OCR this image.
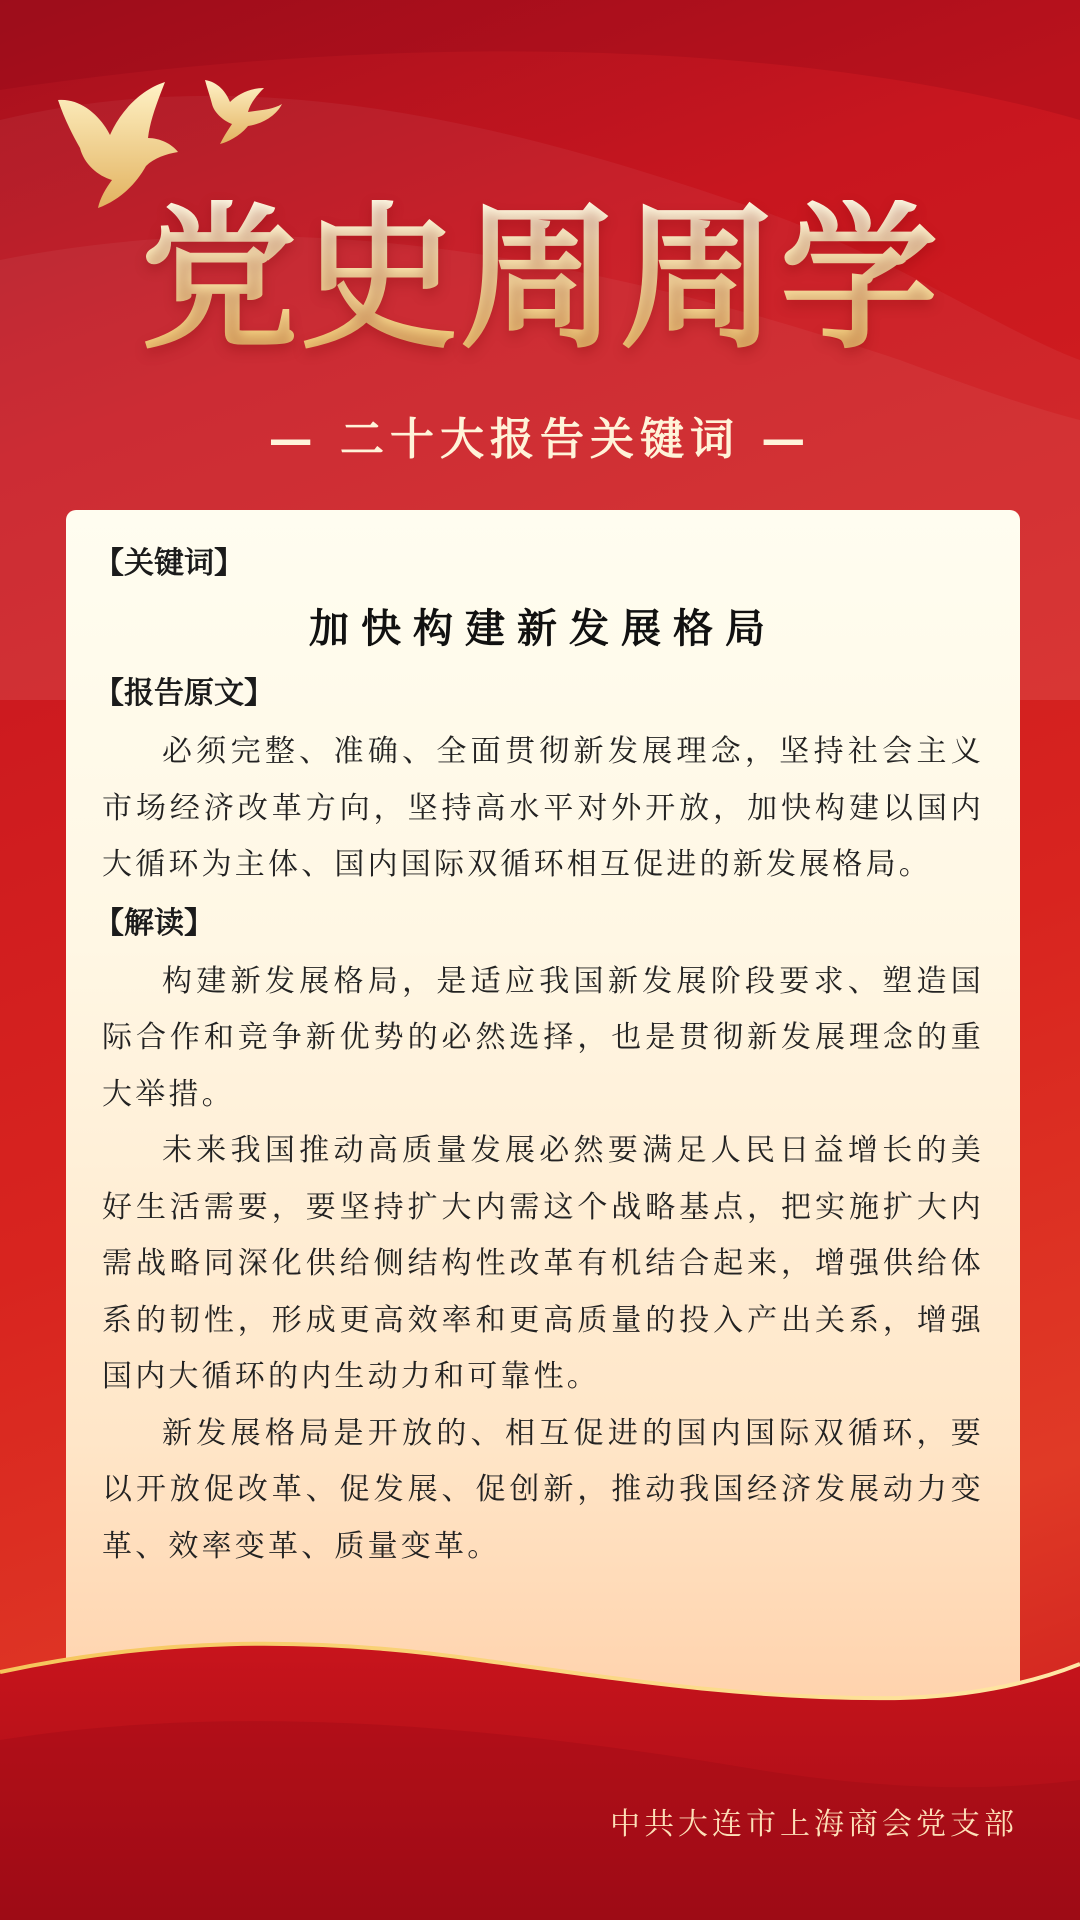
党史周周学
— 二十大报告关键词 —
【关键词】
加快构建新发展格局
【报告原文】

必须完整、准确、全面贯彻新发展理念，坚持社会主义市场经济改革方向，坚持高水平对外开放，加快构建以国内大循环为主体、国内国际双循环相互促进的新发展格局。

【解读】

构建新发展格局，是适应我国新发展阶段要求、塑造国际合作和竞争新优势的必然选择，也是贯彻新发展理念的重大举措。

未来我国推动高质量发展必然要满足人民日益增长的美好生活需要，要坚持扩大内需这个战略基点，把实施扩大内需战略同深化供给侧结构性改革有机结合起来，增强供给体系的韧性，形成更高效率和更高质量的投入产出关系，增强国内大循环的内生动力和可靠性。

新发展格局是开放的、相互促进的国内国际双循环，要以开放促改革、促发展、促创新，推动我国经济发展动力变革、效率变革、质量变革。

中共大连市上海商会党支部
